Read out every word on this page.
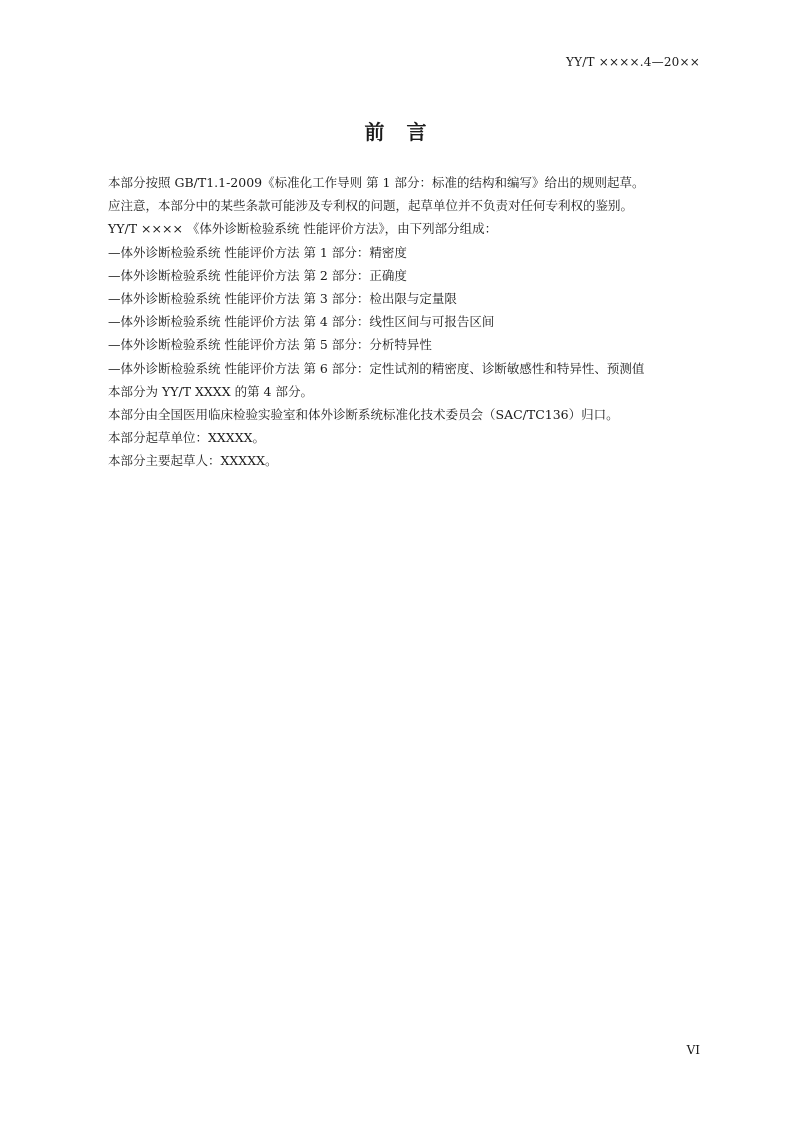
YY/T ××××.4—20××
前言

本部分按照 GB/T1.1-2009《标准化工作导则 第 1 部分：标准的结构和编写》给出的规则起草。

应注意，本部分中的某些条款可能涉及专利权的问题，起草单位并不负责对任何专利权的鉴别。

YY/T ×××× 《体外诊断检验系统 性能评价方法》，由下列部分组成：

—体外诊断检验系统 性能评价方法 第 1 部分：精密度

—体外诊断检验系统 性能评价方法 第 2 部分：正确度

—体外诊断检验系统 性能评价方法 第 3 部分：检出限与定量限

—体外诊断检验系统 性能评价方法 第 4 部分：线性区间与可报告区间

—体外诊断检验系统 性能评价方法 第 5 部分：分析特异性

—体外诊断检验系统 性能评价方法 第 6 部分：定性试剂的精密度、诊断敏感性和特异性、预测值

本部分为 YY/T XXXX 的第 4 部分。

本部分由全国医用临床检验实验室和体外诊断系统标准化技术委员会（SAC/TC136）归口。

本部分起草单位：XXXXX。

本部分主要起草人：XXXXX。

VI
